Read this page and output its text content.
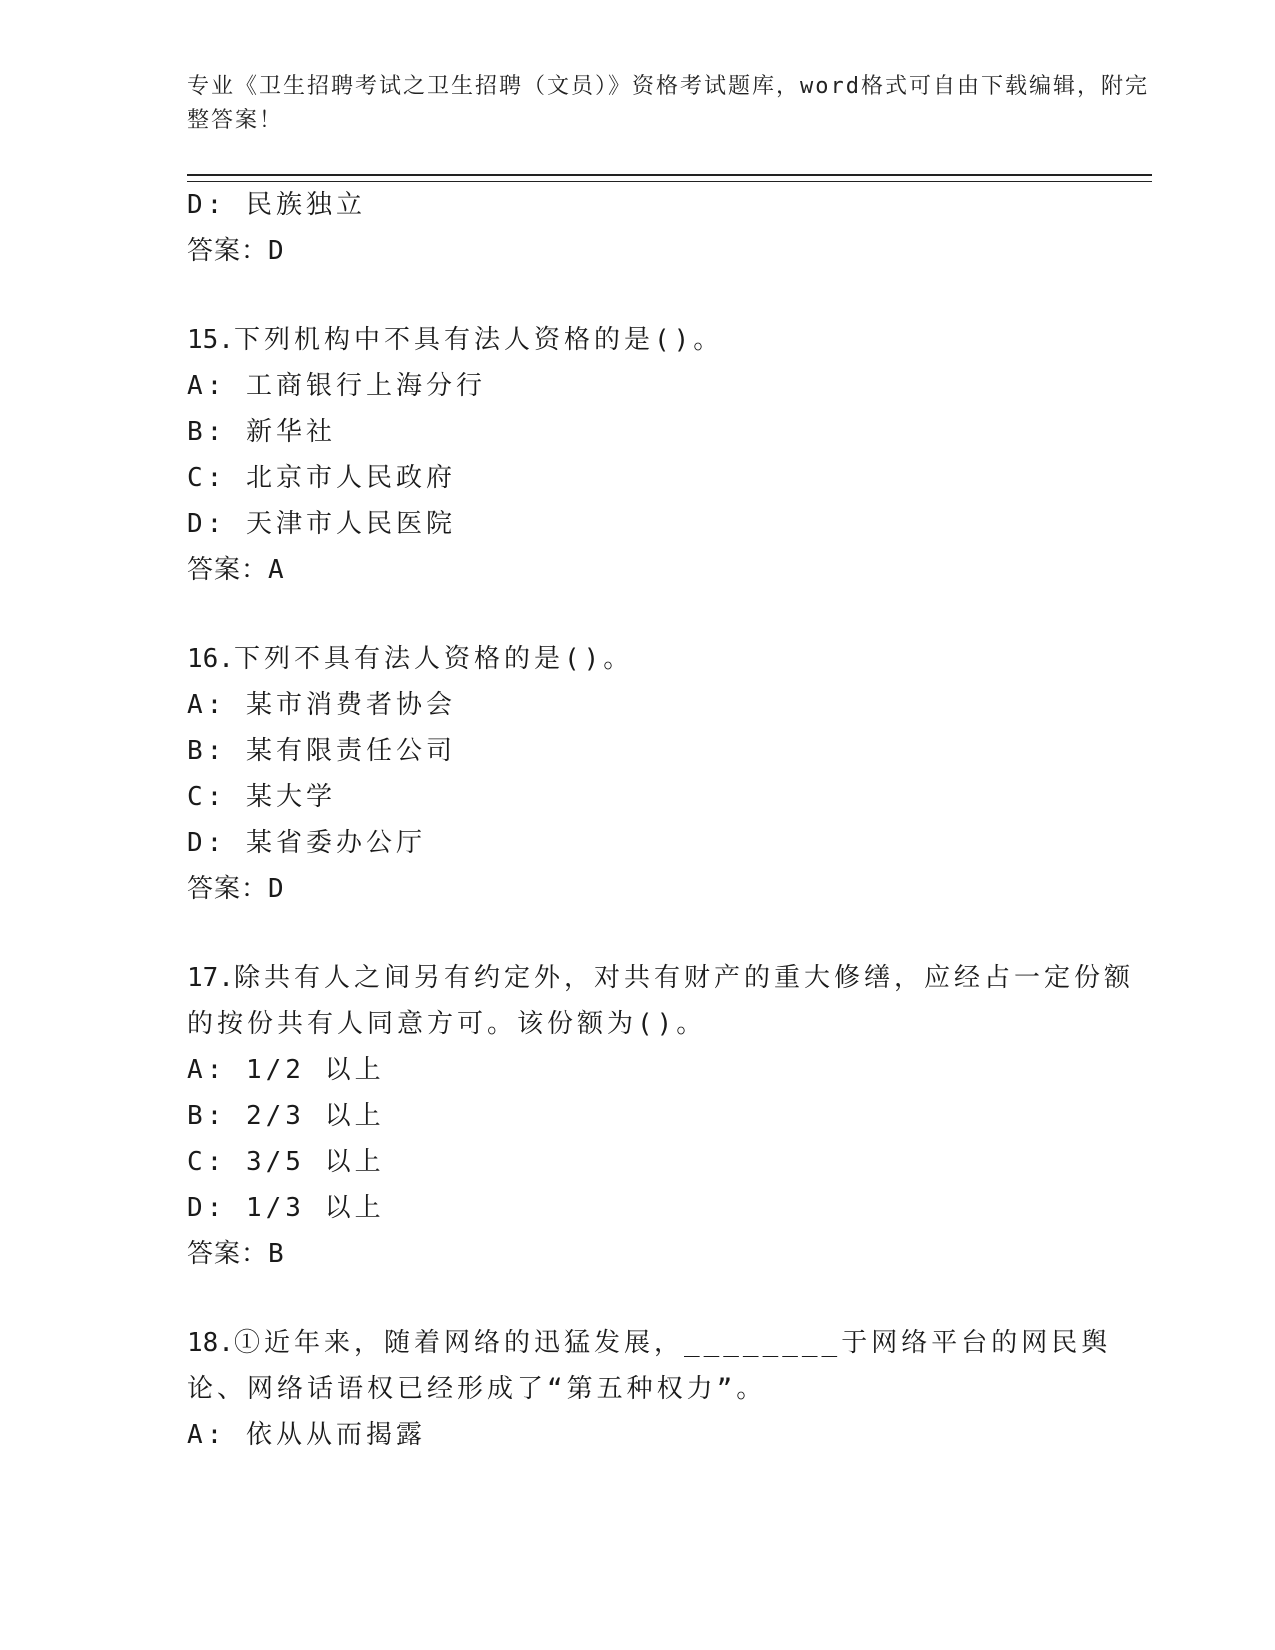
专业《卫生招聘考试之卫生招聘（文员）》资格考试题库，word格式可自由下载编辑，附完整答案！
D: 民族独立
答案：D
15.下列机构中不具有法人资格的是()。
A: 工商银行上海分行
B: 新华社
C: 北京市人民政府
D: 天津市人民医院
答案：A
16.下列不具有法人资格的是()。
A: 某市消费者协会
B: 某有限责任公司
C: 某大学
D: 某省委办公厅
答案：D
17.除共有人之间另有约定外，对共有财产的重大修缮，应经占一定份额的按份共有人同意方可。该份额为()。
A: 1/2 以上
B: 2/3 以上
C: 3/5 以上
D: 1/3 以上
答案：B
18.①近年来，随着网络的迅猛发展，________于网络平台的网民舆论、网络话语权已经形成了“第五种权力”。
A: 依从从而揭露
